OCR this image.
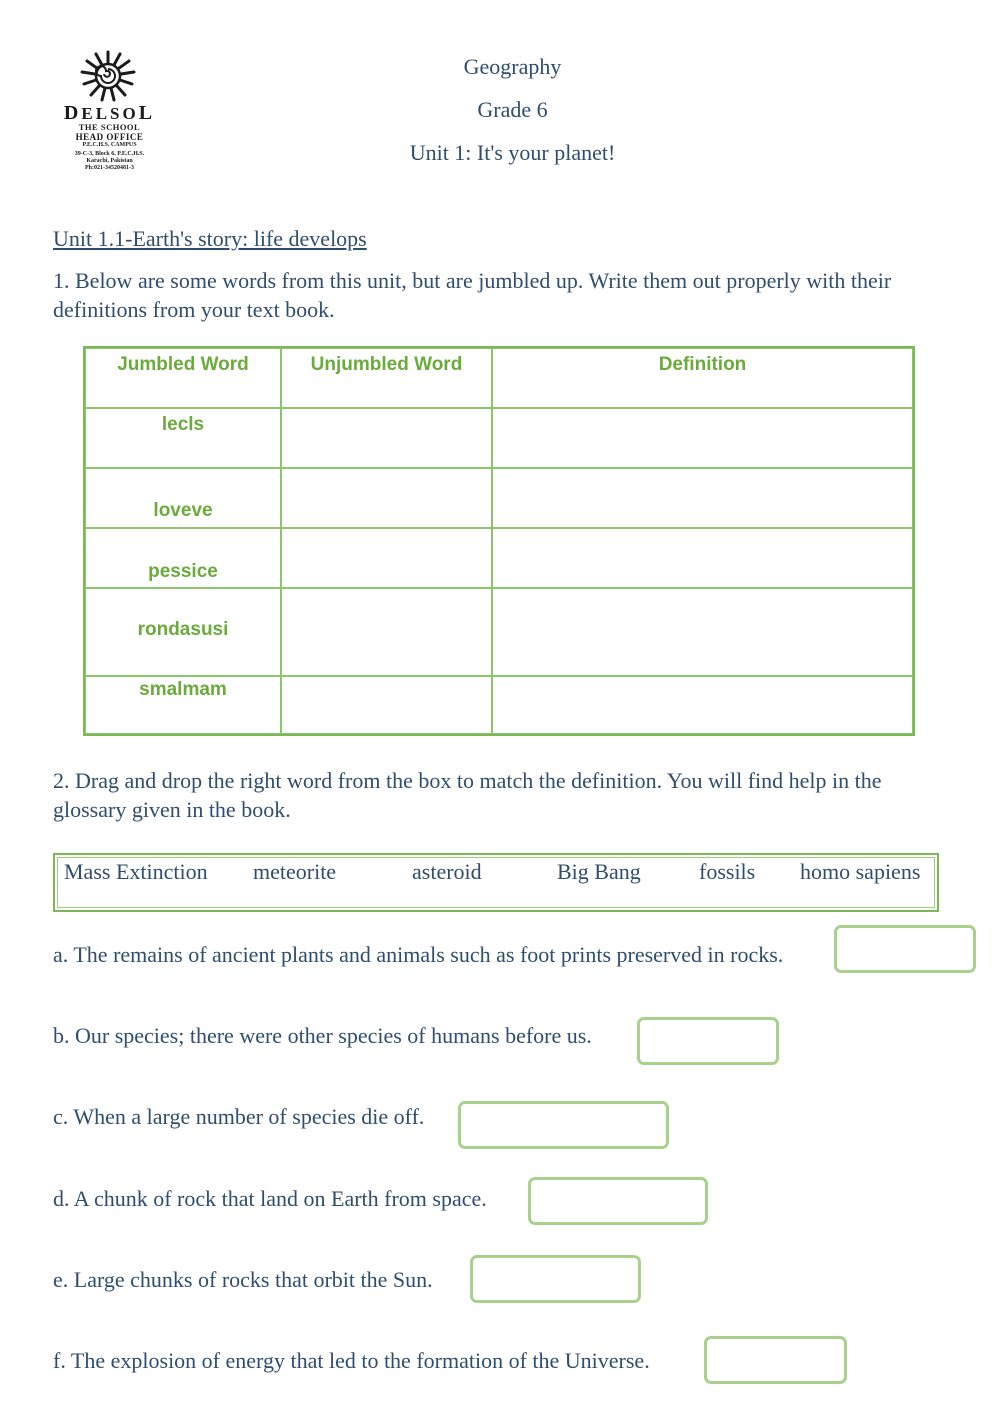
DELSOL
THE SCHOOL
HEAD OFFICE
P.E.C.H.S. CAMPUS
39-C-3, Block 6, P.E.C.H.S.
Karachi, Pakistan
Ph:021-34520481-3
Geography
Grade 6
Unit 1: It's your planet!
Unit 1.1-Earth's story: life develops
1. Below are some words from this unit, but are jumbled up. Write them out properly with their definitions from your text book.
Jumbled Word	Unjumbled Word	Definition
lecls
loveve
pessice
rondasusi
smalmam
2. Drag and drop the right word from the box to match the definition. You will find help in the glossary given in the book.
Mass Extinction meteorite	asteroid	Big Bang	fossils homo sapiens
a. The remains of ancient plants and animals such as foot prints preserved in rocks.
b. Our species; there were other species of humans before us.
c. When a large number of species die off.
d. A chunk of rock that land on Earth from space.
e. Large chunks of rocks that orbit the Sun.
f. The explosion of energy that led to the formation of the Universe.
